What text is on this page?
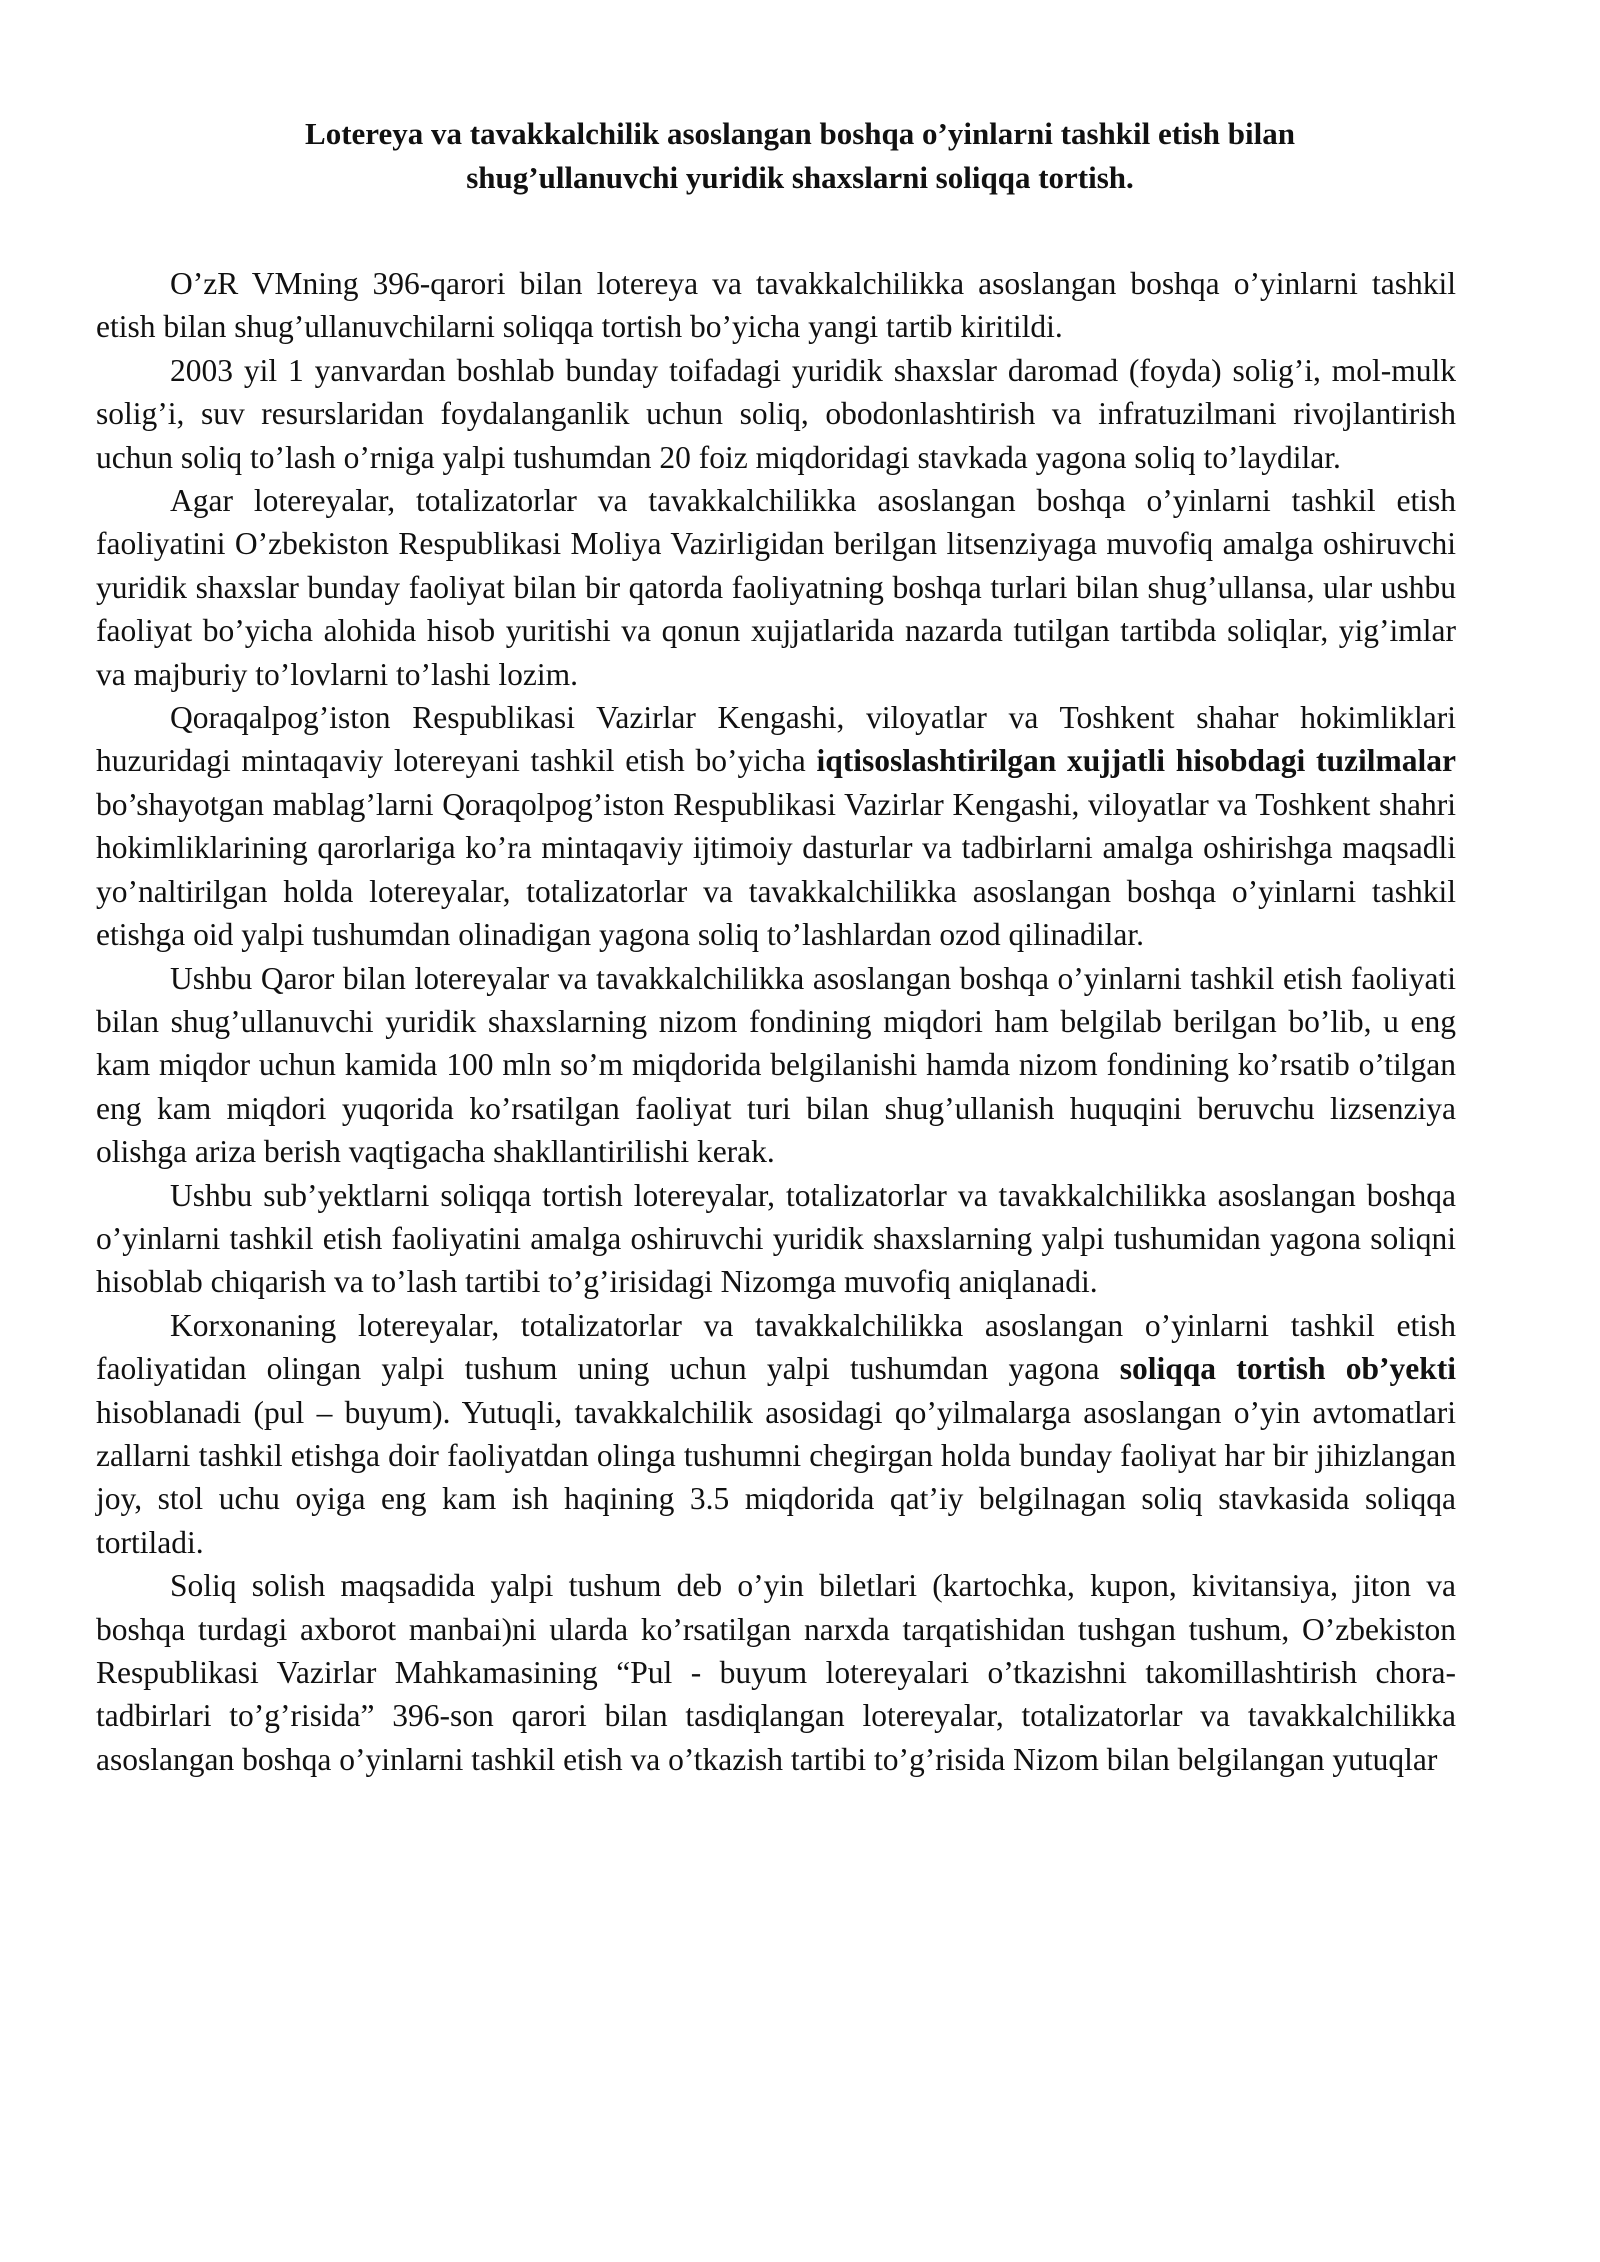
Lotereya va tavakkalchilik asoslangan boshqa o’yinlarni tashkil etish bilan
shug’ullanuvchi yuridik shaxslarni soliqqa tortish.

O’zR VMning 396-qarori bilan lotereya va tavakkalchilikka asoslangan boshqa o’yinlarni tashkil etish bilan shug’ullanuvchilarni soliqqa tortish bo’yicha yangi tartib kiritildi.

2003 yil 1 yanvardan boshlab bunday toifadagi yuridik shaxslar daromad (foyda) solig’i, mol-mulk solig’i, suv resurslaridan foydalanganlik uchun soliq, obodonlashtirish va infratuzilmani rivojlantirish uchun soliq to’lash o’rniga yalpi tushumdan 20 foiz miqdoridagi stavkada yagona soliq to’laydilar.

Agar lotereyalar, totalizatorlar va tavakkalchilikka asoslangan boshqa o’yinlarni tashkil etish faoliyatini O’zbekiston Respublikasi Moliya Vazirligidan berilgan litsenziyaga muvofiq amalga oshiruvchi yuridik shaxslar bunday faoliyat bilan bir qatorda faoliyatning boshqa turlari bilan shug’ullansa, ular ushbu faoliyat bo’yicha alohida hisob yuritishi va qonun xujjatlarida nazarda tutilgan tartibda soliqlar, yig’imlar va majburiy to’lovlarni to’lashi lozim.

Qoraqalpog’iston Respublikasi Vazirlar Kengashi, viloyatlar va Toshkent shahar hokimliklari huzuridagi mintaqaviy lotereyani tashkil etish bo’yicha iqtisoslashtirilgan xujjatli hisobdagi tuzilmalar bo’shayotgan mablag’larni Qoraqolpog’iston Respublikasi Vazirlar Kengashi, viloyatlar va Toshkent shahri hokimliklarining qarorlariga ko’ra mintaqaviy ijtimoiy dasturlar va tadbirlarni amalga oshirishga maqsadli yo’naltirilgan holda lotereyalar, totalizatorlar va tavakkalchilikka asoslangan boshqa o’yinlarni tashkil etishga oid yalpi tushumdan olinadigan yagona soliq to’lashlardan ozod qilinadilar.

Ushbu Qaror bilan lotereyalar va tavakkalchilikka asoslangan boshqa o’yinlarni tashkil etish faoliyati bilan shug’ullanuvchi yuridik shaxslarning nizom fondining miqdori ham belgilab berilgan bo’lib, u eng kam miqdor uchun kamida 100 mln so’m miqdorida belgilanishi hamda nizom fondining ko’rsatib o’tilgan eng kam miqdori yuqorida ko’rsatilgan faoliyat turi bilan shug’ullanish huquqini beruvchu lizsenziya olishga ariza berish vaqtigacha shakllantirilishi kerak.

Ushbu sub’yektlarni soliqqa tortish lotereyalar, totalizatorlar va tavakkalchilikka asoslangan boshqa o’yinlarni tashkil etish faoliyatini amalga oshiruvchi yuridik shaxslarning yalpi tushumidan yagona soliqni hisoblab chiqarish va to’lash tartibi to’g’irisidagi Nizomga muvofiq aniqlanadi.

Korxonaning lotereyalar, totalizatorlar va tavakkalchilikka asoslangan o’yinlarni tashkil etish faoliyatidan olingan yalpi tushum uning uchun yalpi tushumdan yagona soliqqa tortish ob’yekti hisoblanadi (pul – buyum). Yutuqli, tavakkalchilik asosidagi qo’yilmalarga asoslangan o’yin avtomatlari zallarni tashkil etishga doir faoliyatdan olinga tushumni chegirgan holda bunday faoliyat har bir jihizlangan joy, stol uchu oyiga eng kam ish haqining 3.5 miqdorida qat’iy belgilnagan soliq stavkasida soliqqa tortiladi.

Soliq solish maqsadida yalpi tushum deb o’yin biletlari (kartochka, kupon, kivitansiya, jiton va boshqa turdagi axborot manbai)ni ularda ko’rsatilgan narxda tarqatishidan tushgan tushum, O’zbekiston Respublikasi Vazirlar Mahkamasining “Pul - buyum lotereyalari o’tkazishni takomillashtirish chora- tadbirlari to’g’risida” 396-son qarori bilan tasdiqlangan lotereyalar, totalizatorlar va tavakkalchilikka asoslangan boshqa o’yinlarni tashkil etish va o’tkazish tartibi to’g’risida Nizom bilan belgilangan yutuqlar
